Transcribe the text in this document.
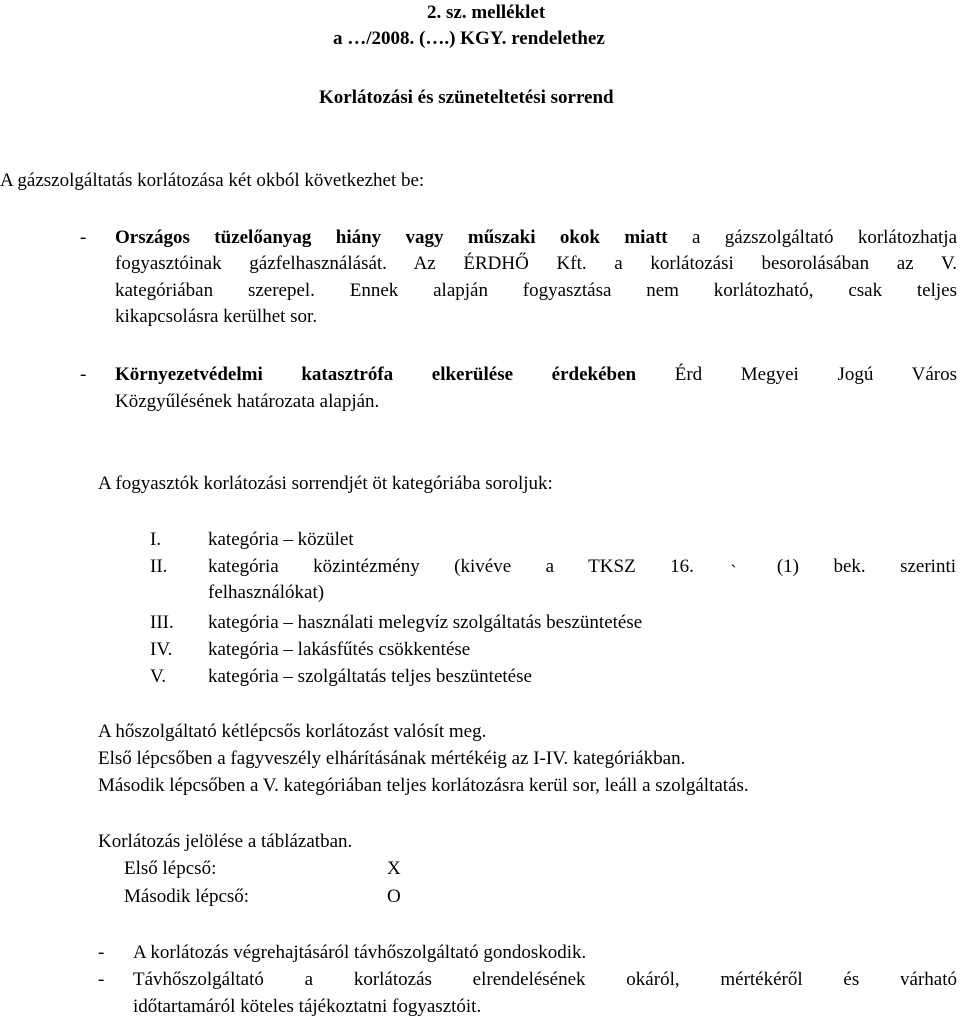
2. sz. melléklet
a …/2008. (….) KGY. rendelethez
Korlátozási és szüneteltetési sorrend
A gázszolgáltatás korlátozása két okból következhet be:
- Országos tüzelőanyag hiány vagy műszaki okok miatt a gázszolgáltató korlátozhatja
fogyasztóinak gázfelhasználását. Az ÉRDHŐ Kft. a korlátozási besorolásában az V.
kategóriában szerepel. Ennek alapján fogyasztása nem korlátozható, csak teljes
kikapcsolásra kerülhet sor.
- Környezetvédelmi katasztrófa elkerülése érdekében Érd Megyei Jogú Város
Közgyűlésének határozata alapján.
A fogyasztók korlátozási sorrendjét öt kategóriába soroljuk:
I. kategória – közület
II. kategória közintézmény (kivéve a TKSZ 16. ˋ (1) bek. szerinti
felhasználókat)
III. kategória – használati melegvíz szolgáltatás beszüntetése
IV. kategória – lakásfűtés csökkentése
V. kategória – szolgáltatás teljes beszüntetése
A hőszolgáltató kétlépcsős korlátozást valósít meg.
Első lépcsőben a fagyveszély elhárításának mértékéig az I-IV. kategóriákban.
Második lépcsőben a V. kategóriában teljes korlátozásra kerül sor, leáll a szolgáltatás.
Korlátozás jelölése a táblázatban.
Első lépcső:	X
Második lépcső:	O
- A korlátozás végrehajtásáról távhőszolgáltató gondoskodik.
- Távhőszolgáltató a korlátozás elrendelésének okáról, mértékéről és várható
időtartamáról köteles tájékoztatni fogyasztóit.
